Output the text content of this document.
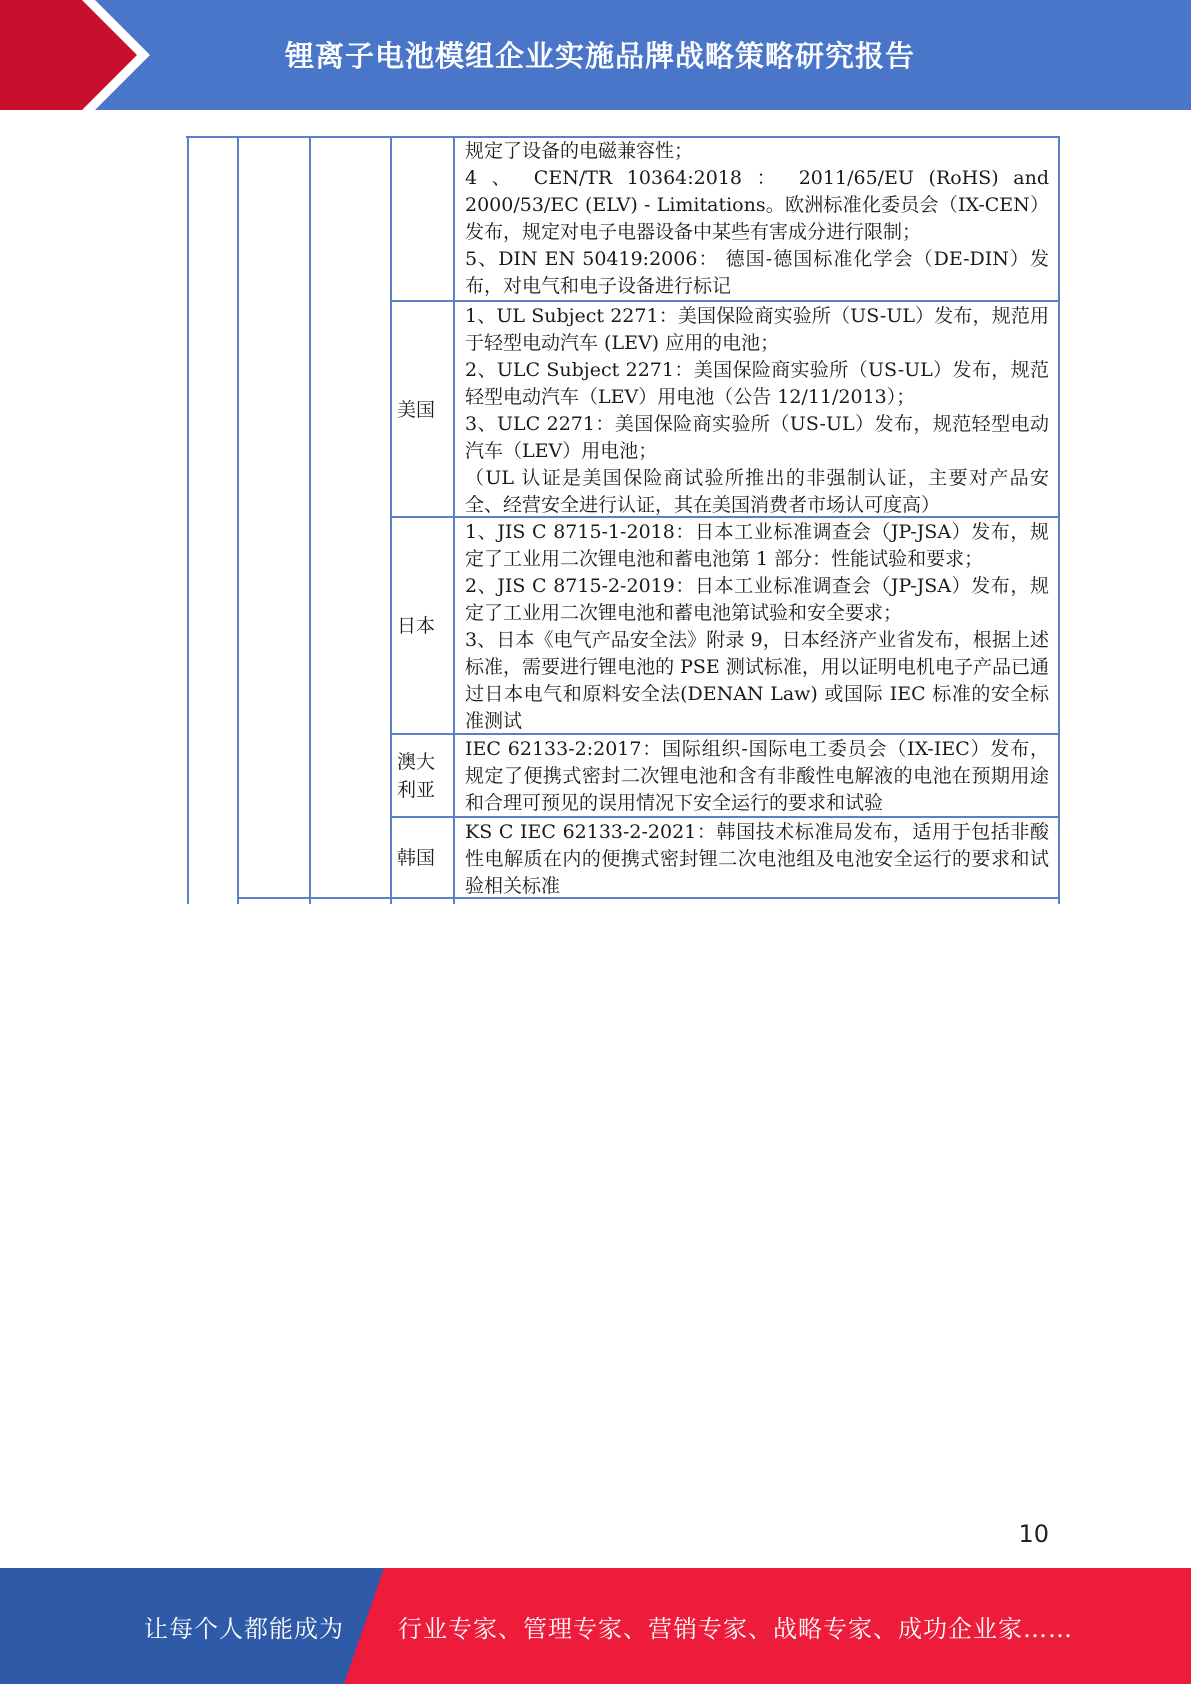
锂离子电池模组企业实施品牌战略策略研究报告

规定了设备的电磁兼容性；

4 、 CEN/TR 10364:2018 ： 2011/65/EU (RoHS) and 2000/53/EC (ELV) - Limitations。欧洲标准化委员会（IX-CEN）发布，规定对电子电器设备中某些有害成分进行限制；

5、DIN EN 50419:2006： 德国-德国标准化学会（DE-DIN）发布，对电气和电子设备进行标记

美国

1、UL Subject 2271：美国保险商实验所（US-UL）发布，规范用于轻型电动汽车 (LEV) 应用的电池；

2、ULC Subject 2271：美国保险商实验所（US-UL）发布，规范轻型电动汽车（LEV）用电池（公告 12/11/2013）；

3、ULC 2271：美国保险商实验所（US-UL）发布，规范轻型电动汽车（LEV）用电池；

（UL 认证是美国保险商试验所推出的非强制认证，主要对产品安全、经营安全进行认证，其在美国消费者市场认可度高）

日本

1、JIS C 8715-1-2018：日本工业标准调查会（JP-JSA）发布，规定了工业用二次锂电池和蓄电池第 1 部分：性能试验和要求；

2、JIS C 8715-2-2019：日本工业标准调查会（JP-JSA）发布，规定了工业用二次锂电池和蓄电池第试验和安全要求；

3、日本《电气产品安全法》附录 9，日本经济产业省发布，根据上述标准，需要进行锂电池的 PSE 测试标准，用以证明电机电子产品已通过日本电气和原料安全法(DENAN Law) 或国际 IEC 标准的安全标准测试

澳大利亚

IEC 62133-2:2017：国际组织-国际电工委员会（IX-IEC）发布，规定了便携式密封二次锂电池和含有非酸性电解液的电池在预期用途和合理可预见的误用情况下安全运行的要求和试验

韩国

KS C IEC 62133-2-2021：韩国技术标准局发布，适用于包括非酸性电解质在内的便携式密封锂二次电池组及电池安全运行的要求和试验相关标准

10
让每个人都能成为	行业专家、管理专家、营销专家、战略专家、成功企业家……
